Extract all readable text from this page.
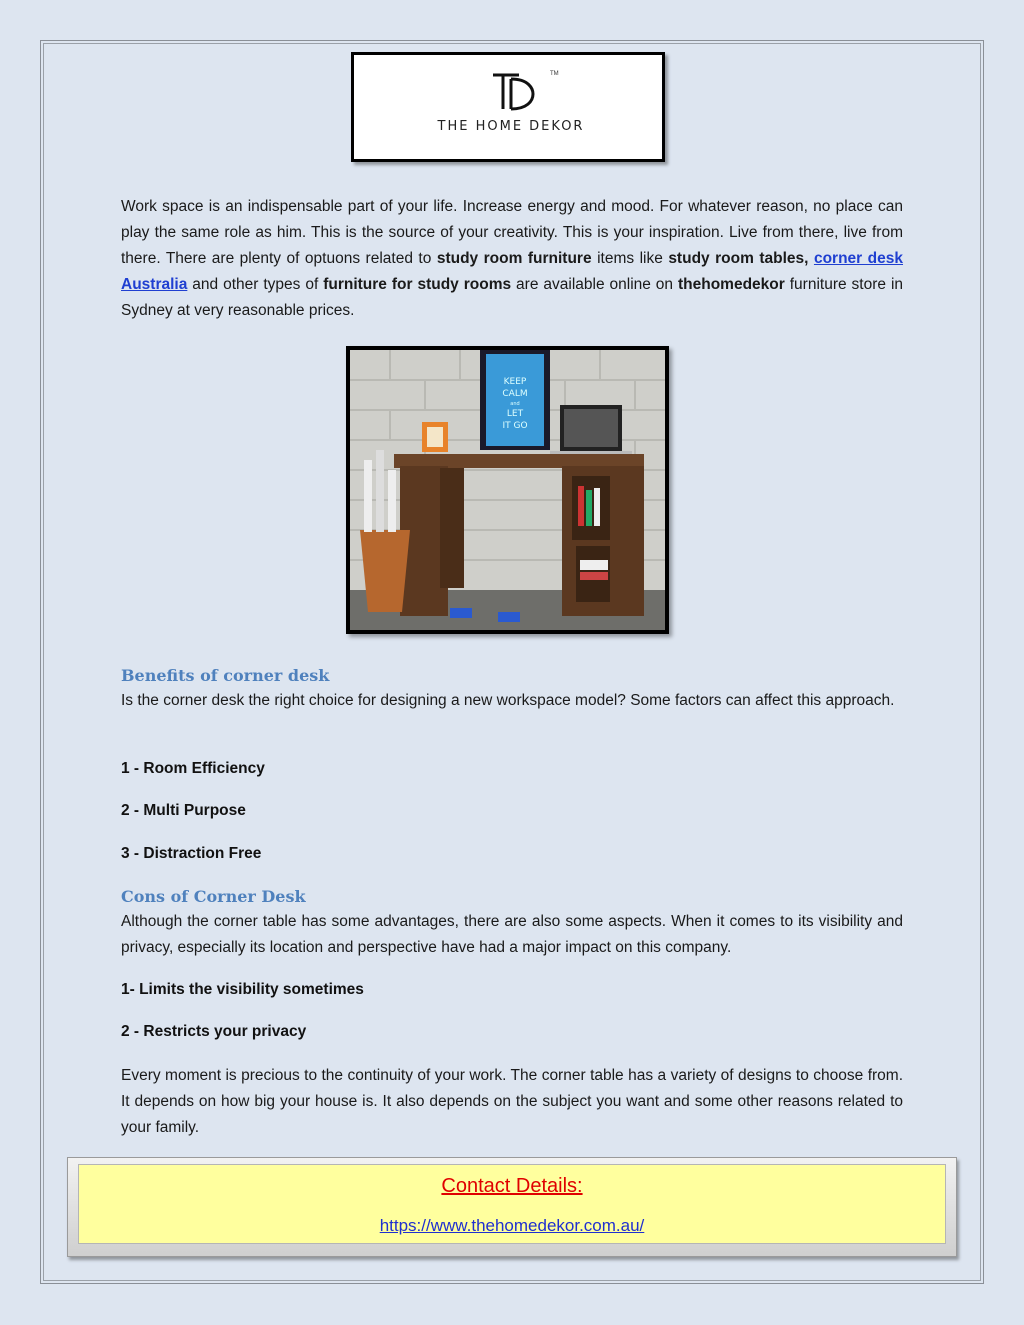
TM
THE HOME DEKOR
Work space is an indispensable part of your life. Increase energy and mood. For whatever reason, no place can play the same role as him. This is the source of your creativity. This is your inspiration. Live from there, live from there. There are plenty of optuons related to study room furniture items like study room tables, corner desk Australia and other types of furniture for study rooms are available online on thehomedekor furniture store in Sydney at very reasonable prices.
KEEP
CALM
and
LET
IT GO
Benefits of corner desk
Is the corner desk the right choice for designing a new workspace model? Some factors can affect this approach.
1 - Room Efficiency
2 - Multi Purpose
3 - Distraction Free
Cons of Corner Desk
Although the corner table has some advantages, there are also some aspects. When it comes to its visibility and privacy, especially its location and perspective have had a major impact on this company.
1- Limits the visibility sometimes
2 - Restricts your privacy
Every moment is precious to the continuity of your work. The corner table has a variety of designs to choose from. It depends on how big your house is. It also depends on the subject you want and some other reasons related to your family.
Contact Details:
https://www.thehomedekor.com.au/
